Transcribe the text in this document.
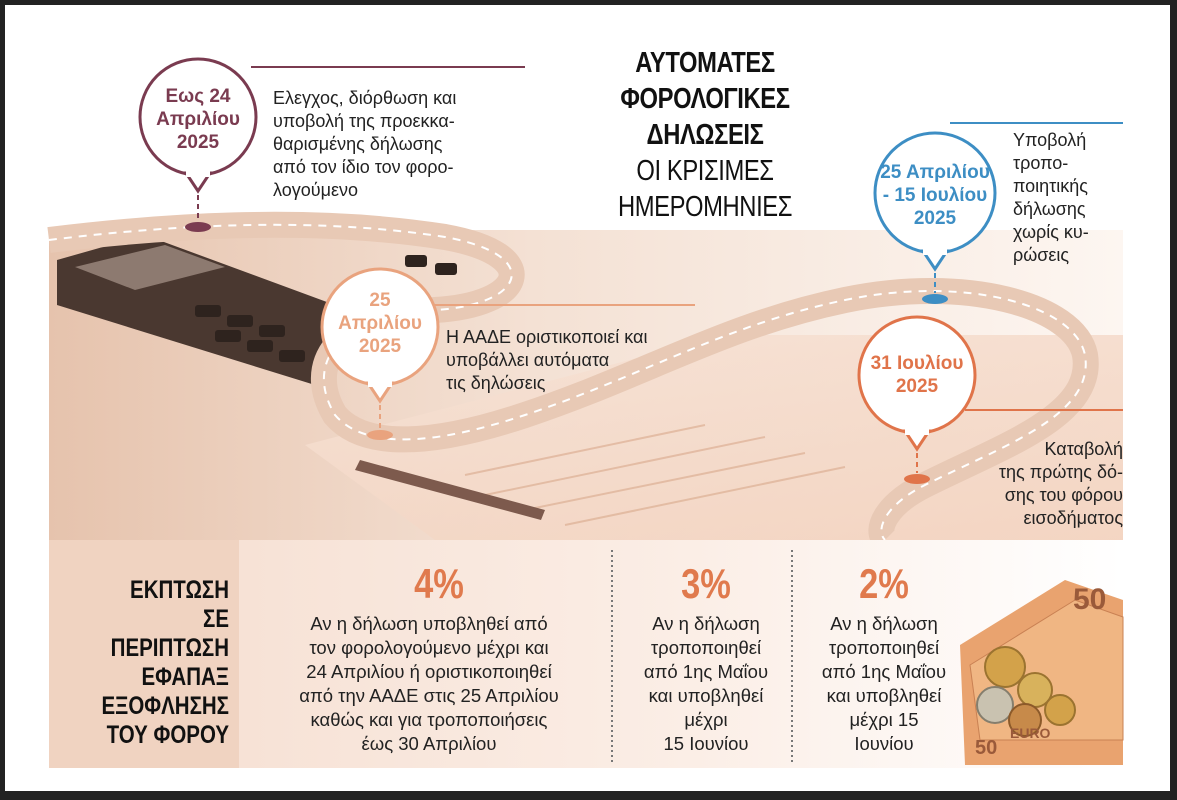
50
EURO
50
ΑΥΤΟΜΑΤΕΣ
ΦΟΡΟΛΟΓΙΚΕΣ
ΔΗΛΩΣΕΙΣ
ΟΙ ΚΡΙΣΙΜΕΣ
ΗΜΕΡΟΜΗΝΙΕΣ
Εως 24
Απριλίου
2025
Ελεγχος, διόρθωση και
υποβολή της προεκκα-
θαρισμένης δήλωσης
από τον ίδιο τον φορο-
λογούμενο
25
Απριλίου
2025	Η ΑΑΔΕ οριστικοποιεί και
υποβάλλει αυτόματα
τις δηλώσεις
25 Απριλίου
- 15 Ιουλίου
2025
Υποβολή
τροπο-
ποιητικής
δήλωσης
χωρίς κυ-
ρώσεις
31 Ιουλίου
2025
Καταβολή
της πρώτης δό-
σης του φόρου
εισοδήματος
ΕΚΠΤΩΣΗ
ΣΕ ΠΕΡΙΠΤΩΣΗ
ΕΦΑΠΑΞ
ΕΞΟΦΛΗΣΗΣ
ΤΟΥ ΦΟΡΟΥ
4%
Αν η δήλωση υποβληθεί από
τον φορολογούμενο μέχρι και
24 Απριλίου ή οριστικοποιηθεί
από την ΑΑΔΕ στις 25 Απριλίου
καθώς και για τροποποιήσεις
έως 30 Απριλίου
3%
Αν η δήλωση
τροποποιηθεί
από 1ης Μαΐου
και υποβληθεί
μέχρι
15 Ιουνίου
2%
Αν η δήλωση
τροποποιηθεί
από 1ης Μαΐου
και υποβληθεί
μέχρι 15
Ιουνίου
